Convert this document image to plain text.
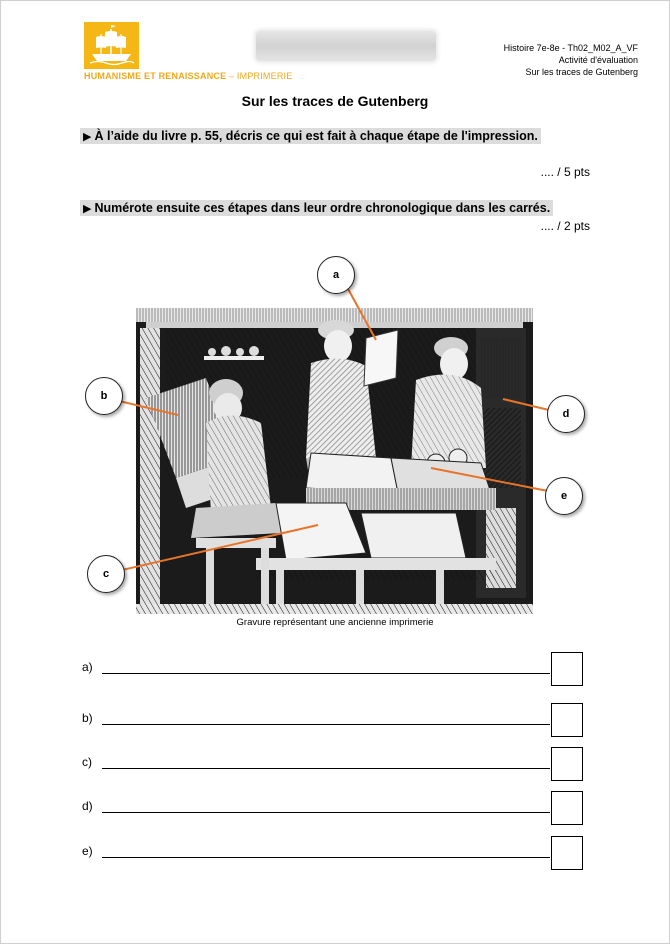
HUMANISME ET RENAISSANCE – IMPRIMERIE
Histoire 7e-8e - Th02_M02_A_VF
Activité d'évaluation
Sur les traces de Gutenberg
Sur les traces de Gutenberg
▶ À l’aide du livre p. 55, décris ce qui est fait à chaque étape de l'impression.
.... / 5 pts
▶ Numérote ensuite ces étapes dans leur ordre chronologique dans les carrés.
.... / 2 pts
a
b
c
d
e
Gravure représentant une ancienne imprimerie
a)
b)
c)
d)
e)
